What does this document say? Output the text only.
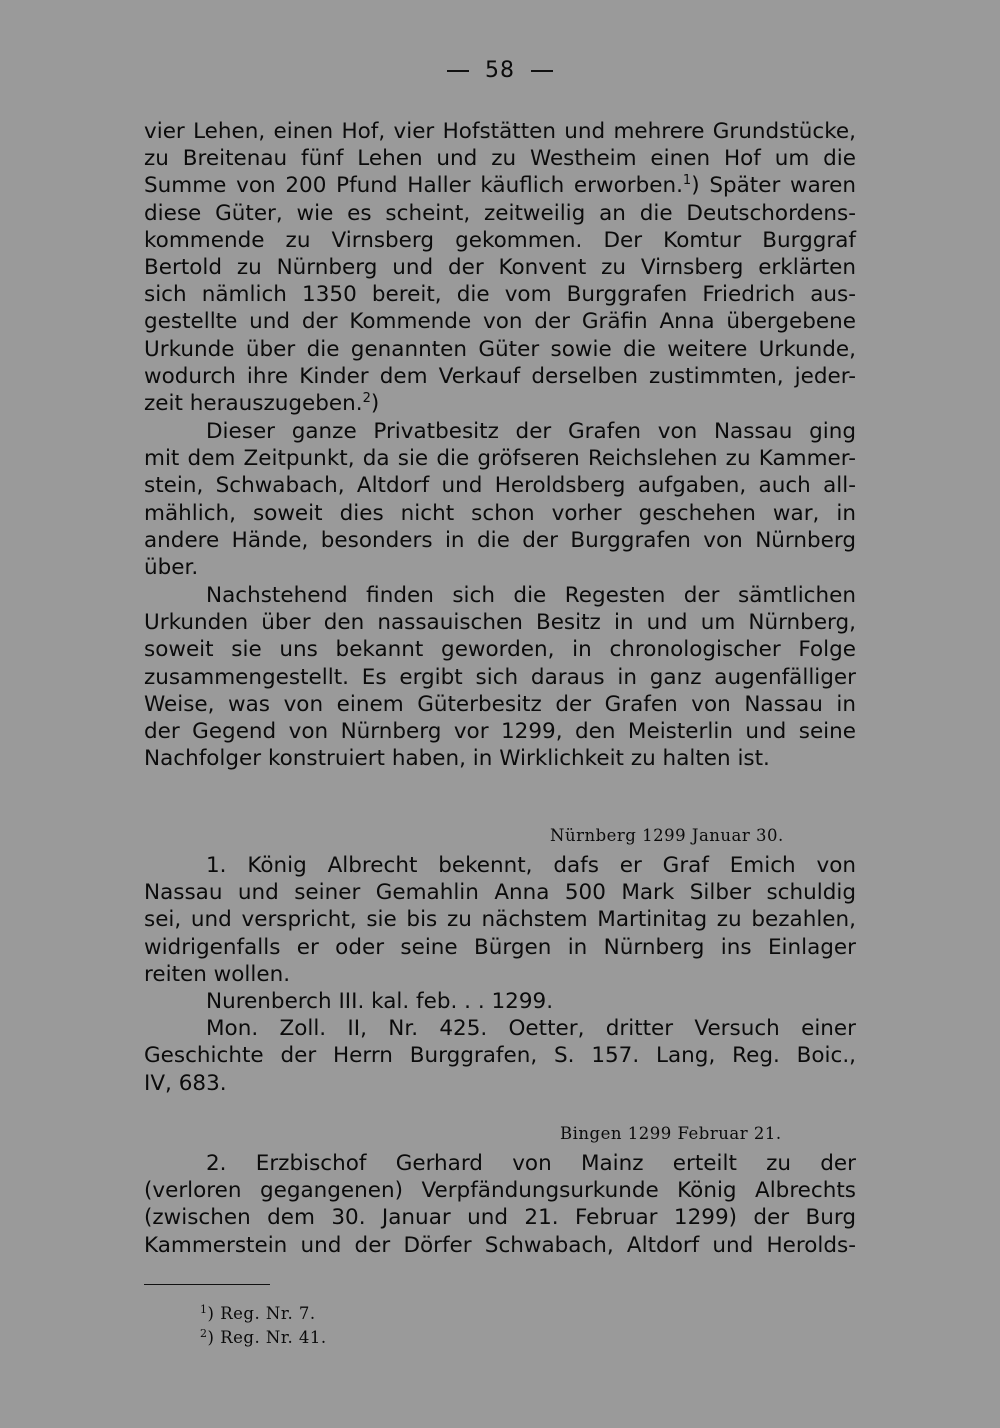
58
vier Lehen, einen Hof, vier Hofstätten und mehrere Grundstücke,
zu Breitenau fünf Lehen und zu Westheim einen Hof um die
Summe von 200 Pfund Haller käuflich erworben.$^1$) Später waren
diese Güter, wie es scheint, zeitweilig an die Deutschordens-
kommende zu Virnsberg gekommen. Der Komtur Burggraf
Bertold zu Nürnberg und der Konvent zu Virnsberg erklärten
sich nämlich 1350 bereit, die vom Burggrafen Friedrich aus-
gestellte und der Kommende von der Gräfin Anna übergebene
Urkunde über die genannten Güter sowie die weitere Urkunde,
wodurch ihre Kinder dem Verkauf derselben zustimmten, jeder-
zeit herauszugeben.$^2$)
Dieser ganze Privatbesitz der Grafen von Nassau ging
mit dem Zeitpunkt, da sie die gröfseren Reichslehen zu Kammer-
stein, Schwabach, Altdorf und Heroldsberg aufgaben, auch all-
mählich, soweit dies nicht schon vorher geschehen war, in
andere Hände, besonders in die der Burggrafen von Nürnberg
über.
Nachstehend finden sich die Regesten der sämtlichen
Urkunden über den nassauischen Besitz in und um Nürnberg,
soweit sie uns bekannt geworden, in chronologischer Folge
zusammengestellt. Es ergibt sich daraus in ganz augenfälliger
Weise, was von einem Güterbesitz der Grafen von Nassau in
der Gegend von Nürnberg vor 1299, den Meisterlin und seine
Nachfolger konstruiert haben, in Wirklichkeit zu halten ist.
Nürnberg 1299 Januar 30.
1. König Albrecht bekennt, dafs er Graf Emich von
Nassau und seiner Gemahlin Anna 500 Mark Silber schuldig
sei, und verspricht, sie bis zu nächstem Martinitag zu bezahlen,
widrigenfalls er oder seine Bürgen in Nürnberg ins Einlager
reiten wollen.
Nurenberch III. kal. feb. . . 1299.
Mon. Zoll. II, Nr. 425. Oetter, dritter Versuch einer
Geschichte der Herrn Burggrafen, S. 157. Lang, Reg. Boic.,
IV, 683.
Bingen 1299 Februar 21.
2. Erzbischof Gerhard von Mainz erteilt zu der
(verloren gegangenen) Verpfändungsurkunde König Albrechts
(zwischen dem 30. Januar und 21. Februar 1299) der Burg
Kammerstein und der Dörfer Schwabach, Altdorf und Herolds-
$^1$) Reg. Nr. 7.
$^2$) Reg. Nr. 41.
